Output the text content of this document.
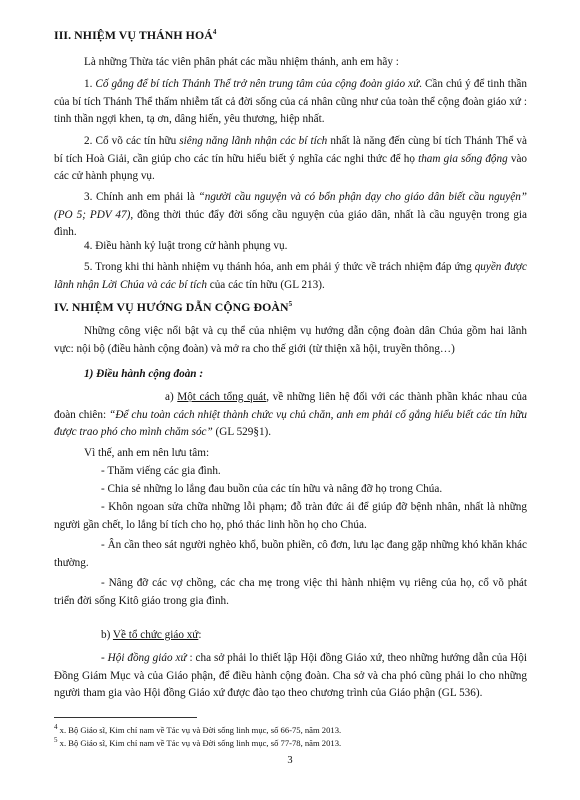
III. NHIỆM VỤ THÁNH HOÁ$^4$
Là những Thừa tác viên phân phát các mầu nhiệm thánh, anh em hãy :
1. Cố gắng để bí tích Thánh Thể trở nên trung tâm của cộng đoàn giáo xứ. Cần chú ý để tinh thần của bí tích Thánh Thể thấm nhiễm tất cả đời sống của cá nhân cũng như của toàn thể cộng đoàn giáo xứ : tinh thần ngợi khen, tạ ơn, dâng hiến, yêu thương, hiệp nhất.
2. Cổ võ các tín hữu siêng năng lãnh nhận các bí tích nhất là năng đến cùng bí tích Thánh Thể và bí tích Hoà Giải, cần giúp cho các tín hữu hiểu biết ý nghĩa các nghi thức để họ tham gia sống động vào các cử hành phụng vụ.
3. Chính anh em phải là “người cầu nguyện và có bổn phận dạy cho giáo dân biết cầu nguyện” (PO 5; PDV 47), đồng thời thúc đẩy đời sống cầu nguyện của giáo dân, nhất là cầu nguyện trong gia đình.
4. Điều hành kỷ luật trong cử hành phụng vụ.
5. Trong khi thi hành nhiệm vụ thánh hóa, anh em phải ý thức về trách nhiệm đáp ứng quyền được lãnh nhận Lời Chúa và các bí tích của các tín hữu (GL 213).
IV. NHIỆM VỤ HƯỚNG DẪN CỘNG ĐOÀN$^5$
Những công việc nổi bật và cụ thể của nhiệm vụ hướng dẫn cộng đoàn dân Chúa gồm hai lãnh vực: nội bộ (điều hành cộng đoàn) và mở ra cho thế giới (từ thiện xã hội, truyền thông…)
1) Điều hành cộng đoàn :
a) Một cách tổng quát, về những liên hệ đối với các thành phần khác nhau của đoàn chiên: “Để chu toàn cách nhiệt thành chức vụ chủ chăn, anh em phải cố gắng hiểu biết các tín hữu được trao phó cho mình chăm sóc” (GL 529§1).
Vì thế, anh em nên lưu tâm:
- Thăm viếng các gia đình.
- Chia sẻ những lo lắng đau buồn của các tín hữu và nâng đỡ họ trong Chúa.
- Khôn ngoan sửa chữa những lỗi phạm; đỗ tràn đức ái để giúp đỡ bệnh nhân, nhất là những người gần chết, lo lắng bí tích cho họ, phó thác linh hồn họ cho Chúa.
- Ân cần theo sát người nghèo khổ, buồn phiền, cô đơn, lưu lạc đang gặp những khó khăn khác thường.
- Nâng đỡ các vợ chồng, các cha mẹ trong việc thi hành nhiệm vụ riêng của họ, cổ võ phát triển đời sống Kitô giáo trong gia đình.
b) Về tổ chức giáo xứ:
- Hội đồng giáo xứ : cha sở phải lo thiết lập Hội đồng Giáo xứ, theo những hướng dẫn của Hội Đồng Giám Mục và của Giáo phận, để điều hành cộng đoàn. Cha sở và cha phó cũng phải lo cho những người tham gia vào Hội đồng Giáo xứ được đào tạo theo chương trình của Giáo phận (GL 536).
$^4$ x. Bộ Giáo sĩ, Kim chỉ nam về Tác vụ và Đời sống linh mục, số 66-75, năm 2013.
$^5$ x. Bộ Giáo sĩ, Kim chỉ nam về Tác vụ và Đời sống linh mục, số 77-78, năm 2013.
3
